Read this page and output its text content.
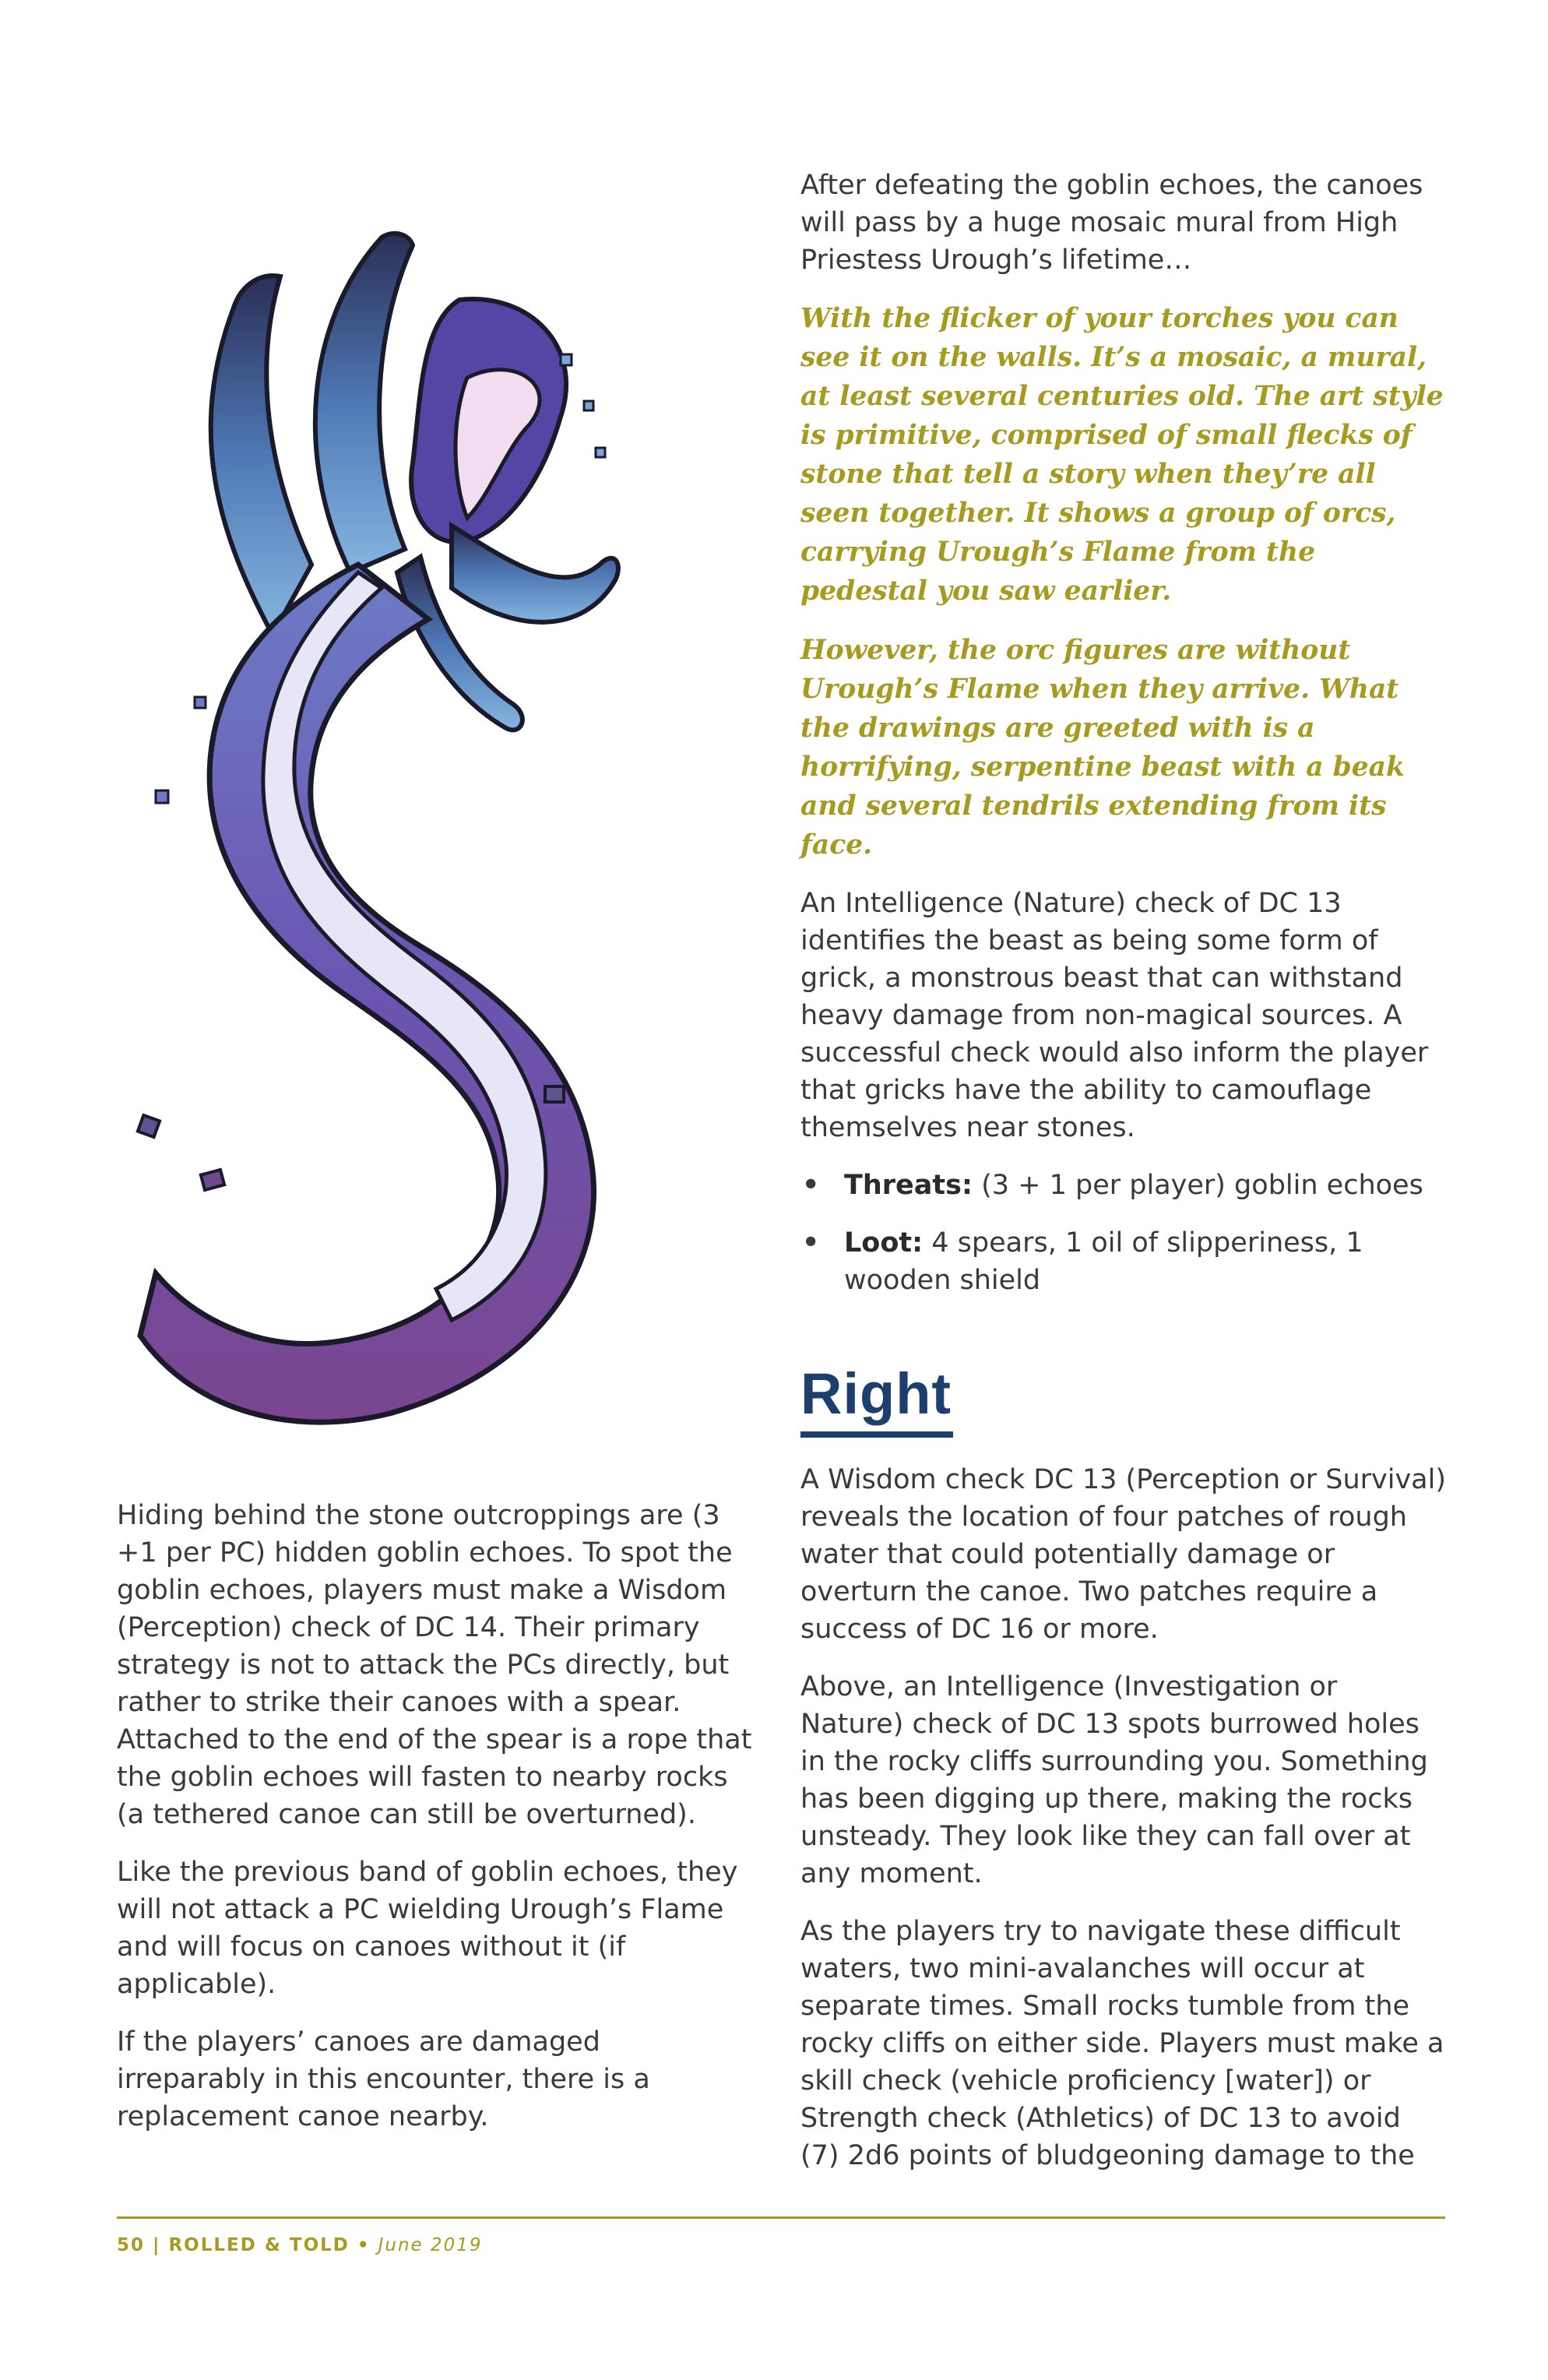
After defeating the goblin echoes, the canoes will pass by a huge mosaic mural from High Priestess Urough’s lifetime…

With the flicker of your torches you can see it on the walls. It’s a mosaic, a mural, at least several centuries old. The art style is primitive, comprised of small flecks of stone that tell a story when they’re all seen together. It shows a group of orcs, carrying Urough’s Flame from the pedestal you saw earlier.

However, the orc figures are without Urough’s Flame when they arrive. What the drawings are greeted with is a horrifying, serpentine beast with a beak and several tendrils extending from its face.

An Intelligence (Nature) check of DC 13 identifies the beast as being some form of grick, a monstrous beast that can withstand heavy damage from non-magical sources. A successful check would also inform the player that gricks have the ability to camouflage themselves near stones.

• Threats: (3 + 1 per player) goblin echoes
• Loot: 4 spears, 1 oil of slipperiness, 1 wooden shield
Right

A Wisdom check DC 13 (Perception or Survival) reveals the location of four patches of rough water that could potentially damage or overturn the canoe. Two patches require a success of DC 16 or more.

Above, an Intelligence (Investigation or Nature) check of DC 13 spots burrowed holes in the rocky cliffs surrounding you. Something has been digging up there, making the rocks unsteady. They look like they can fall over at any moment.

As the players try to navigate these difficult waters, two mini-avalanches will occur at separate times. Small rocks tumble from the rocky cliffs on either side. Players must make a skill check (vehicle proficiency [water]) or Strength check (Athletics) of DC 13 to avoid (7) 2d6 points of bludgeoning damage to the

Hiding behind the stone outcroppings are (3 +1 per PC) hidden goblin echoes. To spot the goblin echoes, players must make a Wisdom (Perception) check of DC 14. Their primary strategy is not to attack the PCs directly, but rather to strike their canoes with a spear. Attached to the end of the spear is a rope that the goblin echoes will fasten to nearby rocks (a tethered canoe can still be overturned).

Like the previous band of goblin echoes, they will not attack a PC wielding Urough’s Flame and will focus on canoes without it (if applicable).

If the players’ canoes are damaged irreparably in this encounter, there is a replacement canoe nearby.

50 | ROLLED & TOLD • June 2019
